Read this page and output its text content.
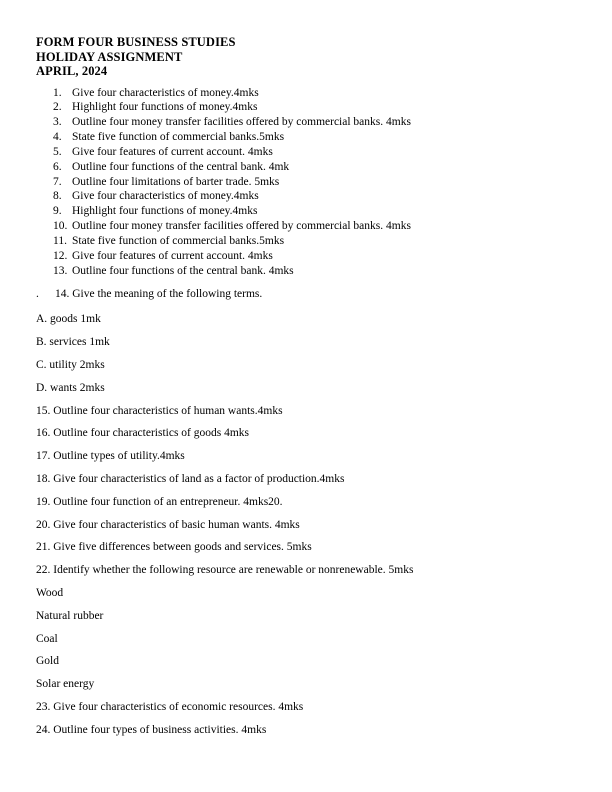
FORM FOUR BUSINESS STUDIES
HOLIDAY ASSIGNMENT
APRIL, 2024
1. Give four characteristics of money.4mks
2. Highlight four functions of money.4mks
3. Outline four money transfer facilities offered by commercial banks. 4mks
4. State five function of commercial banks.5mks
5. Give four features of current account. 4mks
6. Outline four functions of the central bank. 4mk
7. Outline four limitations of barter trade. 5mks
8. Give four characteristics of money.4mks
9. Highlight four functions of money.4mks
10. Outline four money transfer facilities offered by commercial banks. 4mks
11. State five function of commercial banks.5mks
12. Give four features of current account. 4mks
13. Outline four functions of the central bank. 4mks
.	14. Give the meaning of the following terms.
A. goods 1mk
B. services 1mk
C. utility 2mks
D. wants 2mks
15. Outline four characteristics of human wants.4mks
16. Outline four characteristics of goods 4mks
17. Outline types of utility.4mks
18. Give four characteristics of land as a factor of production.4mks
19. Outline four function of an entrepreneur. 4mks20.
20. Give four characteristics of basic human wants. 4mks
21. Give five differences between goods and services. 5mks
22. Identify whether the following resource are renewable or nonrenewable. 5mks
Wood
Natural rubber
Coal
Gold
Solar energy
23. Give four characteristics of economic resources. 4mks
24. Outline four types of business activities. 4mks
